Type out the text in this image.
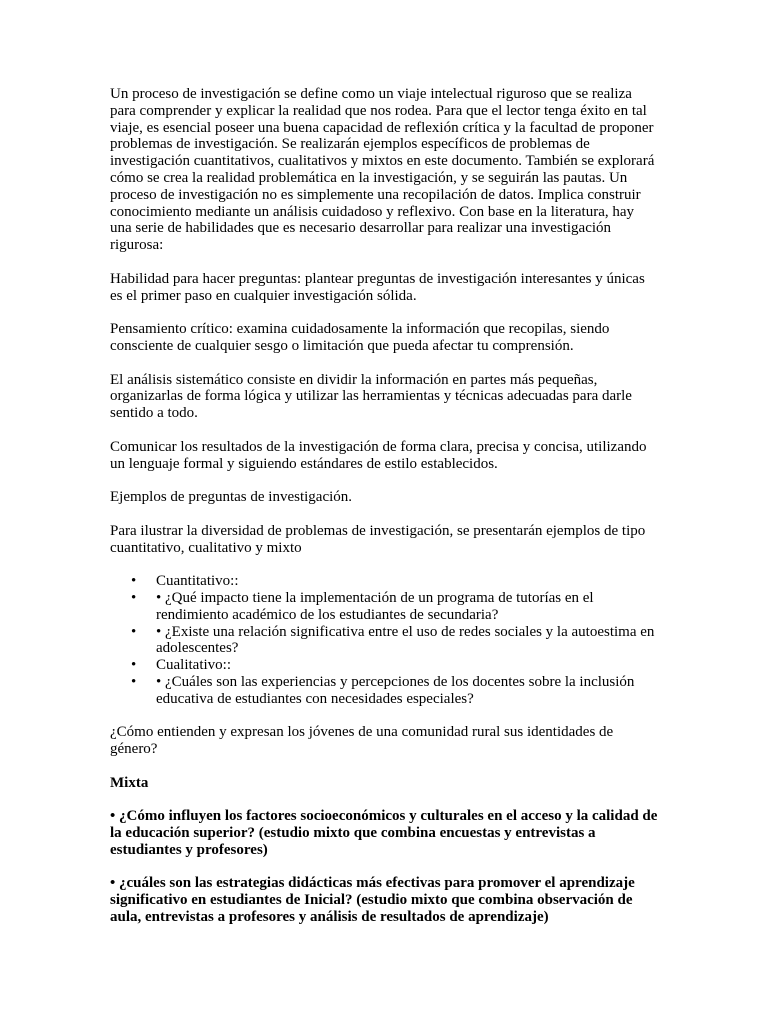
Un proceso de investigación se define como un viaje intelectual riguroso que se realiza para comprender y explicar la realidad que nos rodea. Para que el lector tenga éxito en tal viaje, es esencial poseer una buena capacidad de reflexión crítica y la facultad de proponer problemas de investigación. Se realizarán ejemplos específicos de problemas de investigación cuantitativos, cualitativos y mixtos en este documento. También se explorará cómo se crea la realidad problemática en la investigación, y se seguirán las pautas. Un proceso de investigación no es simplemente una recopilación de datos. Implica construir conocimiento mediante un análisis cuidadoso y reflexivo. Con base en la literatura, hay una serie de habilidades que es necesario desarrollar para realizar una investigación rigurosa:

Habilidad para hacer preguntas: plantear preguntas de investigación interesantes y únicas es el primer paso en cualquier investigación sólida.

Pensamiento crítico: examina cuidadosamente la información que recopilas, siendo consciente de cualquier sesgo o limitación que pueda afectar tu comprensión.

El análisis sistemático consiste en dividir la información en partes más pequeñas, organizarlas de forma lógica y utilizar las herramientas y técnicas adecuadas para darle sentido a todo.

Comunicar los resultados de la investigación de forma clara, precisa y concisa, utilizando un lenguaje formal y siguiendo estándares de estilo establecidos.

Ejemplos de preguntas de investigación.

Para ilustrar la diversidad de problemas de investigación, se presentarán ejemplos de tipo cuantitativo, cualitativo y mixto

• Cuantitativo::
• • ¿Qué impacto tiene la implementación de un programa de tutorías en el rendimiento académico de los estudiantes de secundaria?
• • ¿Existe una relación significativa entre el uso de redes sociales y la autoestima en adolescentes?
• Cualitativo::
• • ¿Cuáles son las experiencias y percepciones de los docentes sobre la inclusión educativa de estudiantes con necesidades especiales?

¿Cómo entienden y expresan los jóvenes de una comunidad rural sus identidades de género?

Mixta

• ¿Cómo influyen los factores socioeconómicos y culturales en el acceso y la calidad de la educación superior? (estudio mixto que combina encuestas y entrevistas a estudiantes y profesores)

• ¿cuáles son las estrategias didácticas más efectivas para promover el aprendizaje significativo en estudiantes de Inicial? (estudio mixto que combina observación de aula, entrevistas a profesores y análisis de resultados de aprendizaje)
